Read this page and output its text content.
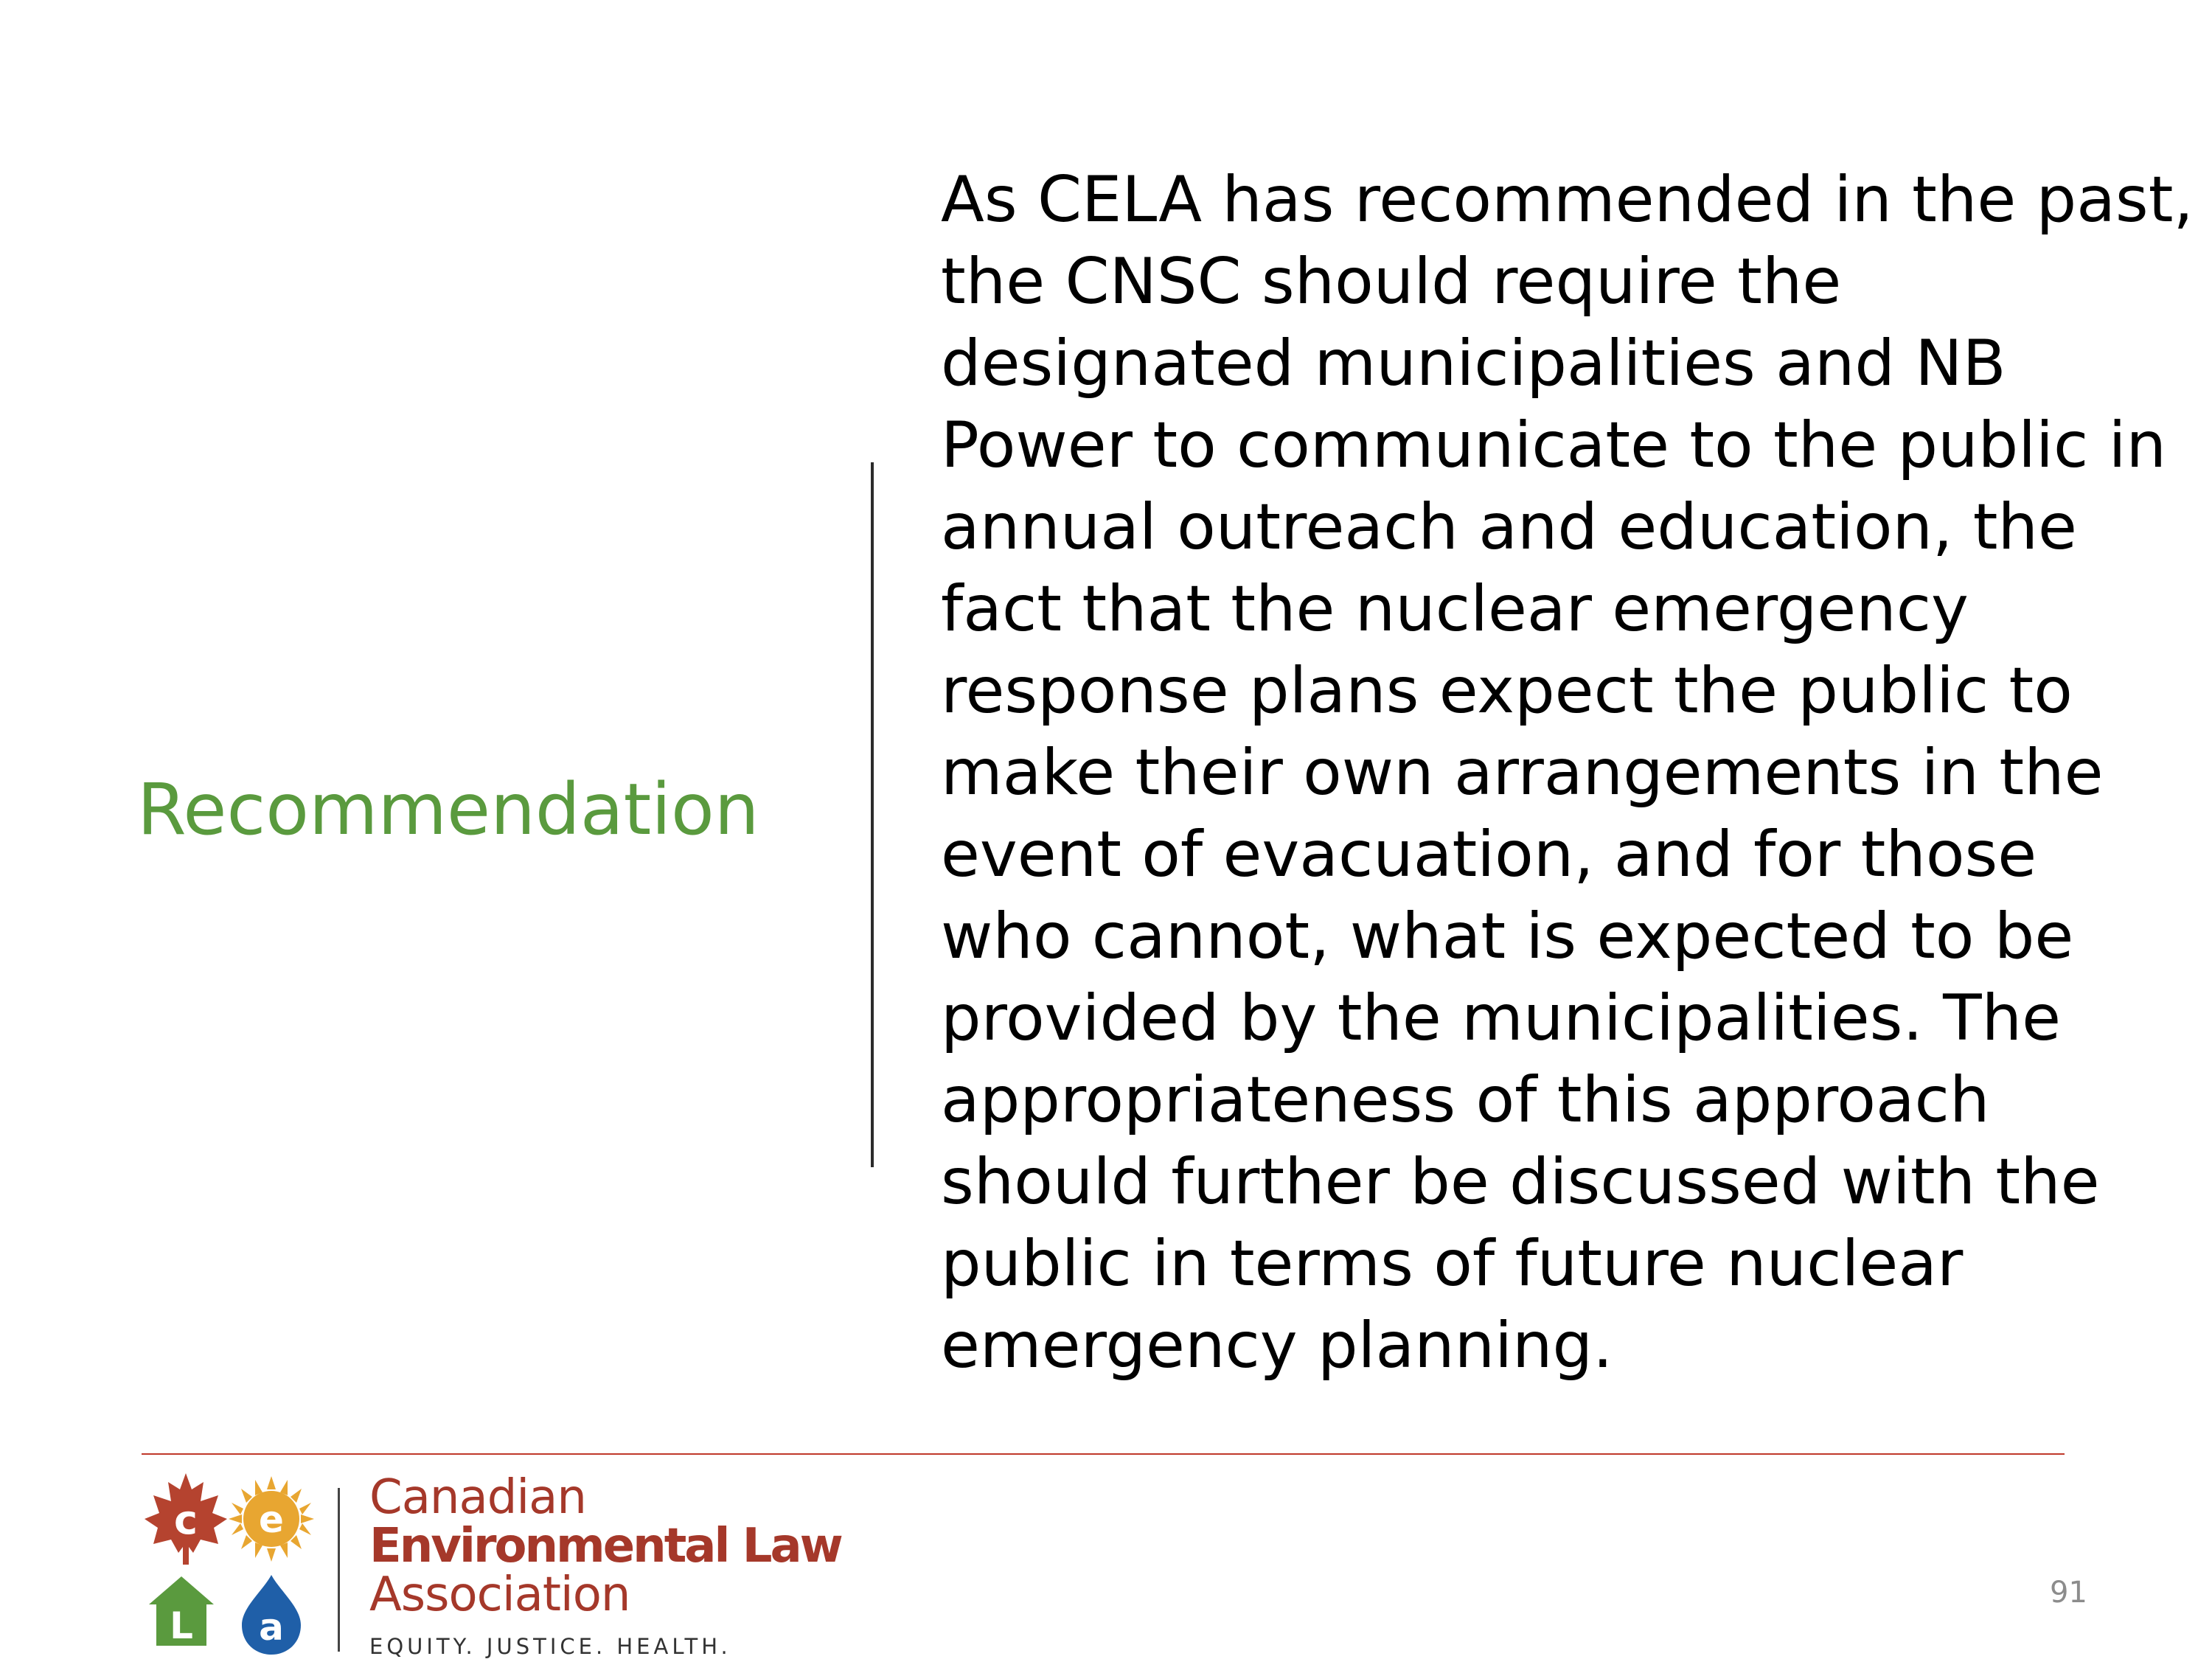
Recommendation
As CELA has recommended in the past,
the CNSC should require the
designated municipalities and NB
Power to communicate to the public in
annual outreach and education, the
fact that the nuclear emergency
response plans expect the public to
make their own arrangements in the
event of evacuation, and for those
who cannot, what is expected to be
provided by the municipalities. The
appropriateness of this approach
should further be discussed with the
public in terms of future nuclear
emergency planning.
c e
L a
Canadian
Environmental Law
Association
EQUITY. JUSTICE. HEALTH.
91
